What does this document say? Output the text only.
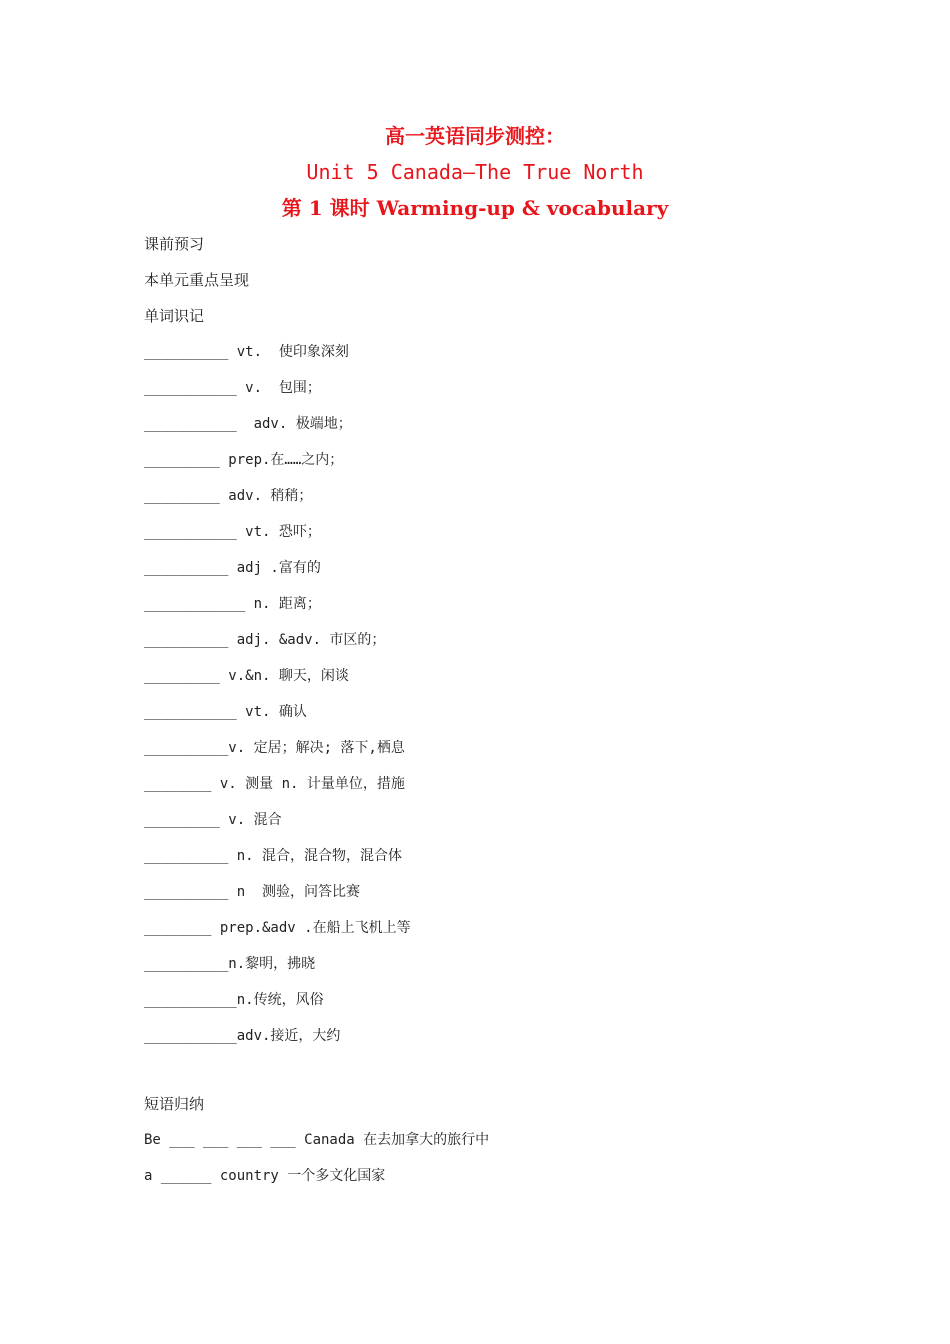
高一英语同步测控：
Unit 5 Canada—The True North
第 1 课时 Warming-up & vocabulary
课前预习
本单元重点呈现
单词识记
__________ vt.  使印象深刻
___________ v.  包围；
___________  adv. 极端地；
_________ prep.在……之内；
_________ adv. 稍稍；
___________ vt. 恐吓；
__________ adj .富有的
____________ n. 距离；
__________ adj. &adv. 市区的；
_________ v.&n. 聊天，闲谈
___________ vt. 确认
__________v. 定居；解决; 落下,栖息
________ v. 测量 n. 计量单位，措施
_________ v. 混合
__________ n. 混合，混合物，混合体
__________ n  测验，问答比赛
________ prep.&adv .在船上飞机上等
__________n.黎明，拂晓
___________n.传统，风俗
___________adv.接近，大约
短语归纳
Be ___ ___ ___ ___ Canada 在去加拿大的旅行中
a ______ country 一个多文化国家
